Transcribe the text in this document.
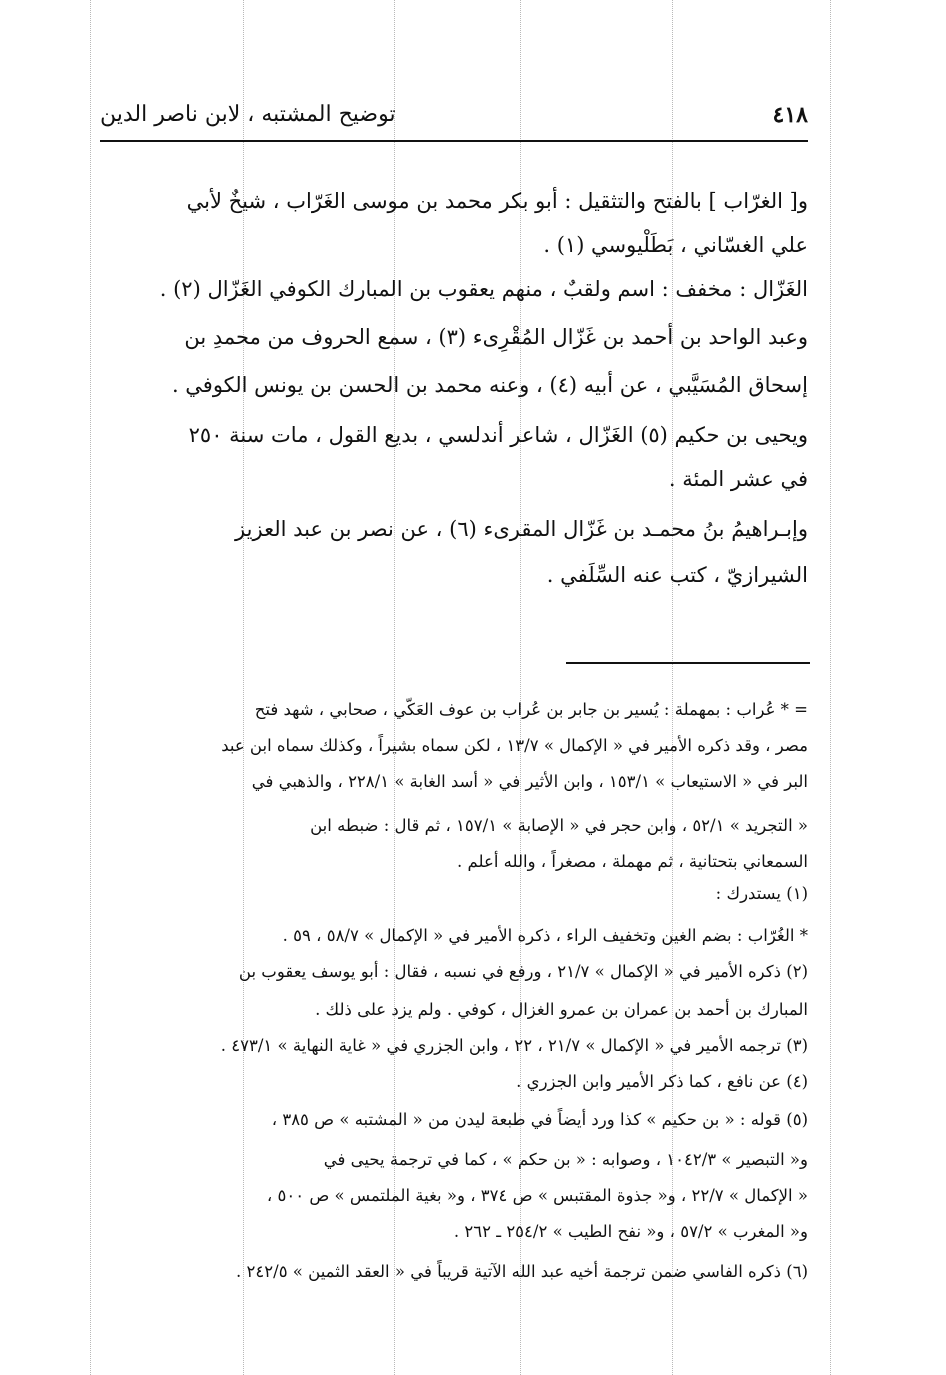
٤١٨
توضيح المشتبه ، لابن ناصر الدين
و[ الغرّاب ] بالفتح والتثقيل : أبو بكر محمد بن موسى الغَرّاب ، شيخٌ لأبي
علي الغسّاني ، بَطَلْيوسي (١) .
الغَزّال : مخفف : اسم ولقبٌ ، منهم يعقوب بن المبارك الكوفي الغَزّال (٢) .
وعبد الواحد بن أحمد بن غَزّال المُقْرِىء (٣) ، سمع الحروف من محمدِ بن
إسحاق المُسَيَّبي ، عن أبيه (٤) ، وعنه محمد بن الحسن بن يونس الكوفي .
ويحيى بن حكيم (٥) الغَزّال ، شاعر أندلسي ، بديع القول ، مات سنة ٢٥٠
في عشر المئة .
وإبـراهيمُ بنُ محمـد بن غَزّال المقرىء (٦) ، عن نصر بن عبد العزيز
الشيرازيّ ، كتب عنه السِّلَفي .
= * عُراب : بمهملة : يُسير بن جابر بن عُراب بن عوف العَكّي ، صحابي ، شهد فتح
مصر ، وقد ذكره الأمير في « الإكمال » ١٣/٧ ، لكن سماه بشيراً ، وكذلك سماه ابن عبد
البر في « الاستيعاب » ١٥٣/١ ، وابن الأثير في « أسد الغابة » ٢٢٨/١ ، والذهبي في
« التجريد » ٥٢/١ ، وابن حجر في « الإصابة » ١٥٧/١ ، ثم قال : ضبطه ابن
السمعاني بتحتانية ، ثم مهملة ، مصغراً ، والله أعلم .
(١) يستدرك :
* الغُرّاب : بضم الغين وتخفيف الراء ، ذكره الأمير في « الإكمال » ٥٨/٧ ، ٥٩ .
(٢) ذكره الأمير في « الإكمال » ٢١/٧ ، ورفع في نسبه ، فقال : أبو يوسف يعقوب بن
المبارك بن أحمد بن عمران بن عمرو الغزال ، كوفي . ولم يزد على ذلك .
(٣) ترجمه الأمير في « الإكمال » ٢١/٧ ، ٢٢ ، وابن الجزري في « غاية النهاية » ٤٧٣/١ .
(٤) عن نافع ، كما ذكر الأمير وابن الجزري .
(٥) قوله : « بن حكيم » كذا ورد أيضاً في طبعة ليدن من « المشتبه » ص ٣٨٥ ،
و« التبصير » ١٠٤٢/٣ ، وصوابه : « بن حكم » ، كما في ترجمة يحيى في
« الإكمال » ٢٢/٧ ، و« جذوة المقتبس » ص ٣٧٤ ، و« بغية الملتمس » ص ٥٠٠ ،
و« المغرب » ٥٧/٢ ، و« نفح الطيب » ٢٥٤/٢ ـ ٢٦٢ .
(٦) ذكره الفاسي ضمن ترجمة أخيه عبد الله الآتية قريباً في « العقد الثمين » ٢٤٢/٥ .
